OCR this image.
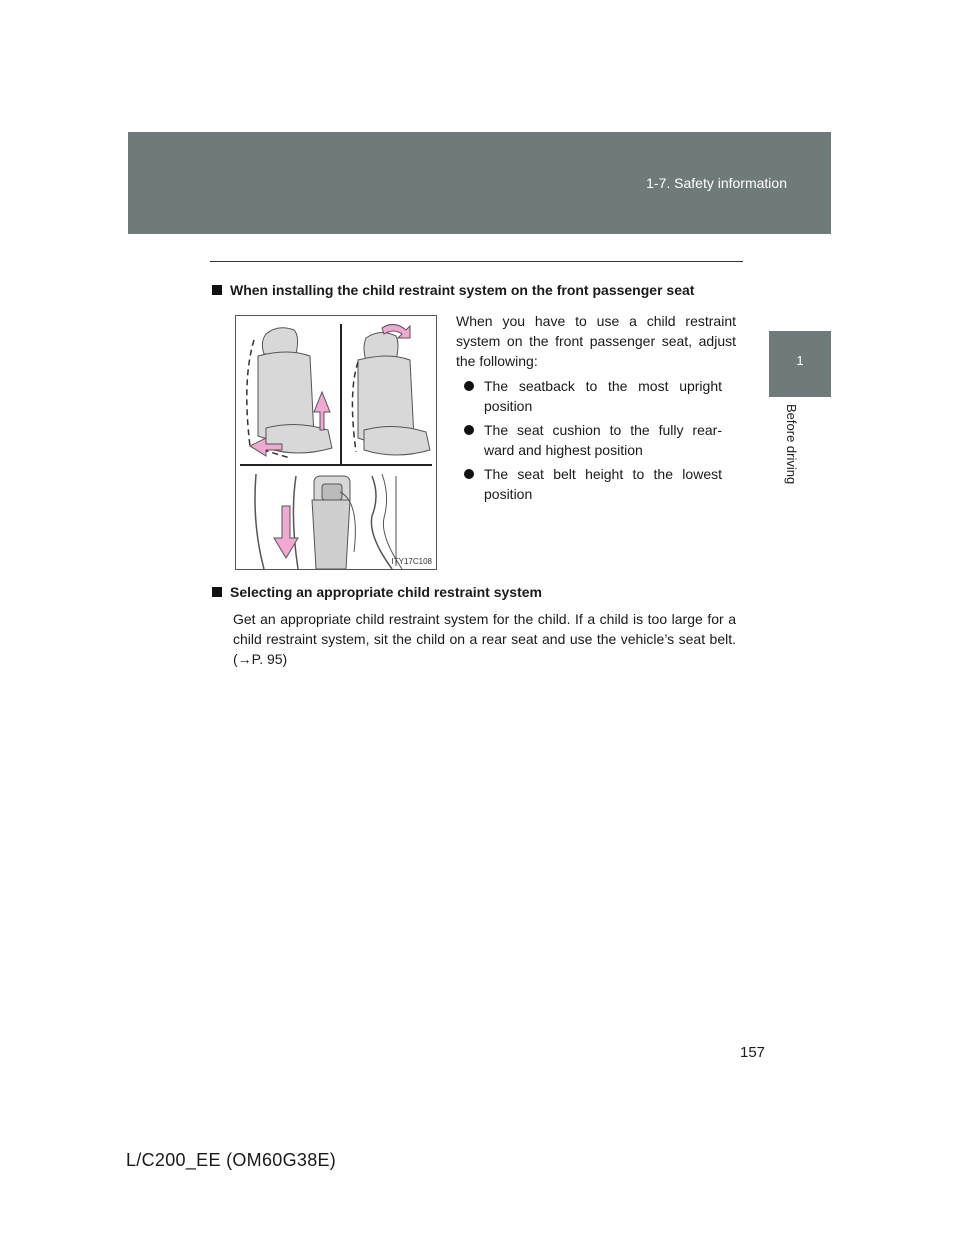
1-7. Safety information
1
Before driving
When installing the child restraint system on the front passenger seat
ITY17C108
When you have to use a child restraint system on the front passenger seat, adjust the following:
The seatback to the most upright position
The seat cushion to the fully rear-ward and highest position
The seat belt height to the lowest position
Selecting an appropriate child restraint system
Get an appropriate child restraint system for the child. If a child is too large for a child restraint system, sit the child on a rear seat and use the vehicle’s seat belt. (→P. 95)
157
L/C200_EE (OM60G38E)
